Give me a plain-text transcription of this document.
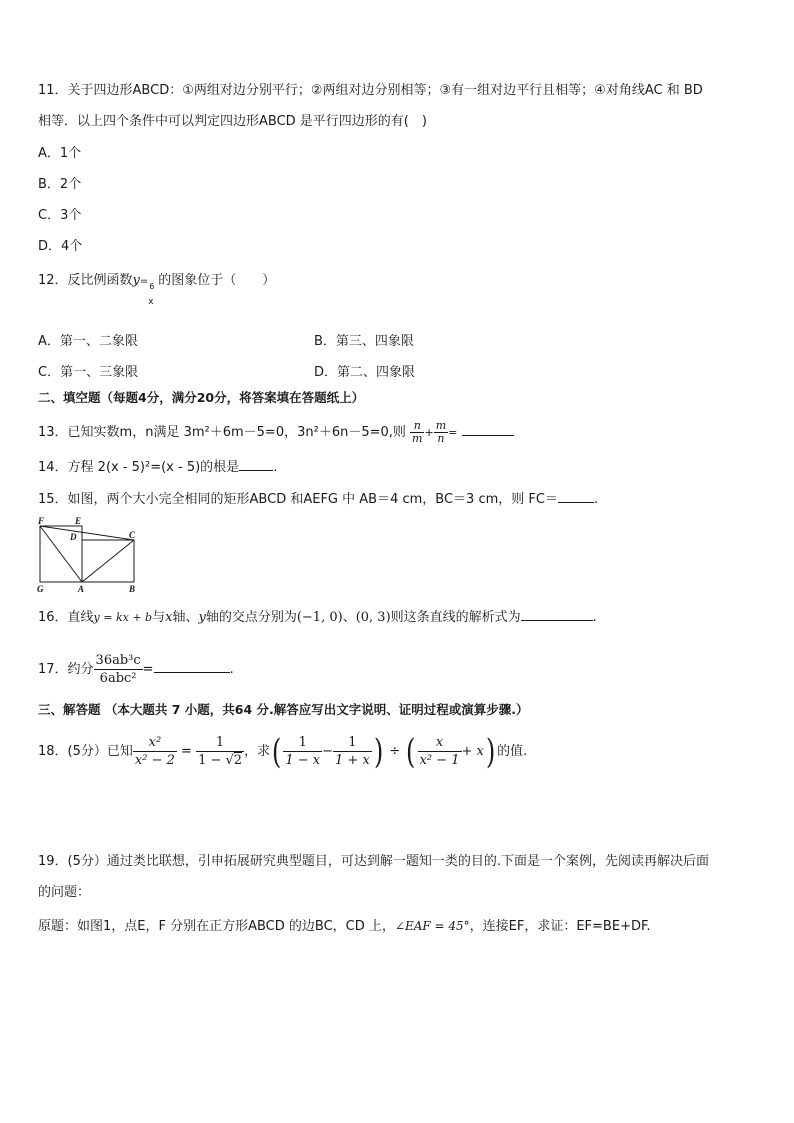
11．关于四边形ABCD：①两组对边分别平行；②两组对边分别相等；③有一组对边平行且相等；④对角线AC 和 BD
相等．以上四个条件中可以判定四边形ABCD 是平行四边形的有(　)
A．1个
B．2个
C．3个
D．4个
12．反比例函数y= 6
x
的图象位于（　　）
A．第一、二象限	B．第三、四象限
C．第一、三象限	D．第二、四象限
二、填空题（每题4分，满分20分，将答案填在答题纸上）
13．已知实数m，n满足 3m²＋6m－5=0，3n²＋6n－5=0,则 $\frac{n}{m} + \frac{m}{n}$ =
14．方程 2(x - 5)²=(x - 5)的根是	.
15．如图，两个大小完全相同的矩形ABCD 和AEFG 中 AB＝4 cm，BC＝3 cm，则 FC＝	.
F	E
D	C
G	A	B
16．直线y = kx + b与x轴、y轴的交点分别为(−1, 0)、(0, 3)则这条直线的解析式为	.
17．约分 $\frac{\text{36ab³c}}{\text{6abc²}}$ =	.
三、解答题 （本大题共 7 小题，共64 分.解答应写出文字说明、证明过程或演算步骤.）
18．(5分）已知 $\frac{\text{x²}}{\text{x² − 2}} = \frac{1}{1 - √2}$ ，求( $\frac{1}{1 - x} - \frac{1}{1 + x}$ ) ÷ ( $\frac{x}{\text{x² − 1}} + x$) 的值.
19．(5分）通过类比联想，引申拓展研究典型题目，可达到解一题知一类的目的.下面是一个案例，先阅读再解决后面
的问题：
原题：如图1，点E，F 分别在正方形ABCD 的边BC，CD 上，∠EAF = 45°，连接EF，求证：EF=BE+DF.
